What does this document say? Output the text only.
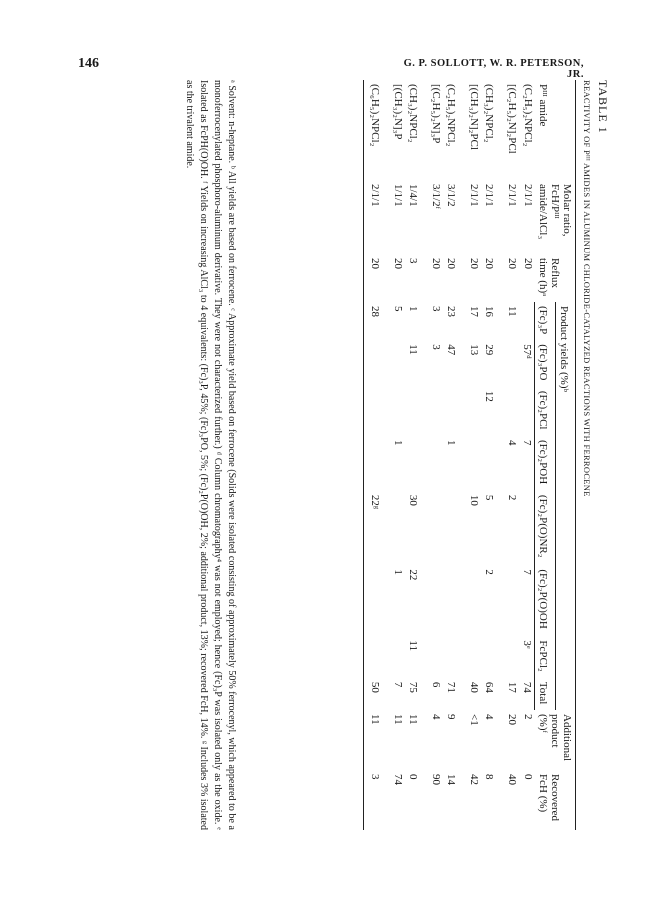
146	G. P. SOLLOTT, W. R. PETERSON, JR.
TABLE 1
REACTIVITY OF Pᴵᴵᴵ AMIDES IN ALUMINUM CHLORIDE-CATALYZED REACTIONS WITH FERROCENE
Pᴵᴵᴵ amide	Molar ratio, FcH/Pᴵᴵᴵ amide/AlCl₃	Reflux time (h)ᵃ	Product yields (%)ᵇ								Additional product (%)ᶠ	Recovered FcH (%)
			(Fc)₃P	(Fc)₃PO	(Fc)₂PCl	(Fc)₂POH	(Fc)₂P(O)NR₂	(Fc)₂P(O)OH	FcPCl₂	Total		
(C₂H₅)₂NPCl₂	2/1/1	20		57ᵈ		7		7	3ᵉ	74	2	0
[(C₂H₅)₂N]₂PCl	2/1/1	20	11			4	2			17	20	40
(CH₃)₂NPCl₂	2/1/1	20	16	29	12		5	2		64	4	8
[(CH₃)₂N]₂PCl	2/1/1	20	17	13			10			40	<1	42
(C₂H₅)₂NPCl₂	3/1/2	20	23	47		1				71	9	14
[(C₂H₅)₂N]₃P	3/1/2ᶠ	20	3	3						6	4	90
(CH₃)₂NPCl₂	1/4/1	3	1	11			30	22	11	75	11	0
[(CH₃)₂N]₃P	1/1/1	20	5			1		1		7	11	74
(C₆H₅)₂NPCl₂	2/1/1	20	28				22ᵍ			50	11	3
ᵃ Solvent: n-heptane. ᵇ All yields are based on ferrocene. ᶜ Approximate yield based on ferrocene (Solids were isolated consisting of approximately 50% ferrocenyl, which appeared to be a monoferrocenylated phosphoro-aluminum derivative. They were not characterized further.) ᵈ Column chromatography⁴ was not employed; hence (Fc)₃P was isolated only as the oxide. ᵉ Isolated as FcPH(O)OH. ᶠ Yields on increasing AlCl₃ to 4 equivalents: (Fc)₃P, 45%; (Fc)₃PO, 5%; (Fc)₂P(O)OH, 2%; additional product, 13%; recovered FcH, 14%. ᵍ Includes 3% isolated as the trivalent amide.
